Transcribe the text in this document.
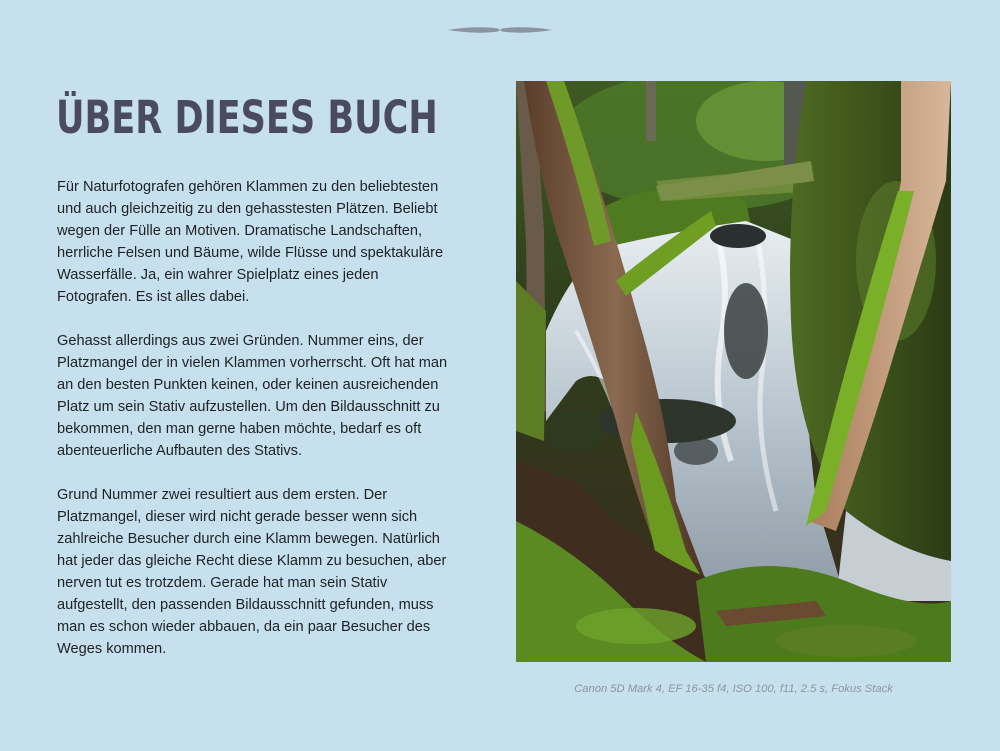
ÜBER DIESES BUCH

Für Naturfotografen gehören Klammen zu den beliebtesten und auch gleichzeitig zu den gehasstesten Plätzen. Beliebt wegen der Fülle an Motiven. Dramatische Landschaften, herrliche Felsen und Bäume, wilde Flüsse und spektakuläre Wasserfälle. Ja, ein wahrer Spielplatz eines jeden Fotografen. Es ist alles dabei.

Gehasst allerdings aus zwei Gründen. Nummer eins, der Platzmangel der in vielen Klammen vorherrscht. Oft hat man an den besten Punkten keinen, oder keinen ausreichenden Platz um sein Stativ aufzustellen. Um den Bildausschnitt zu bekommen, den man gerne haben möchte, bedarf es oft abenteuerliche Aufbauten des Stativs.

Grund Nummer zwei resultiert aus dem ersten. Der Platzmangel, dieser wird nicht gerade besser wenn sich zahlreiche Besucher durch eine Klamm bewegen. Natürlich hat jeder das gleiche Recht diese Klamm zu besuchen, aber nerven tut es trotzdem. Gerade hat man sein Stativ aufgestellt, den passenden Bildausschnitt gefunden, muss man es schon wieder abbauen, da ein paar Besucher des Weges kommen.

Canon 5D Mark 4, EF 16-35 f4, ISO 100, f11, 2.5 s, Fokus Stack
